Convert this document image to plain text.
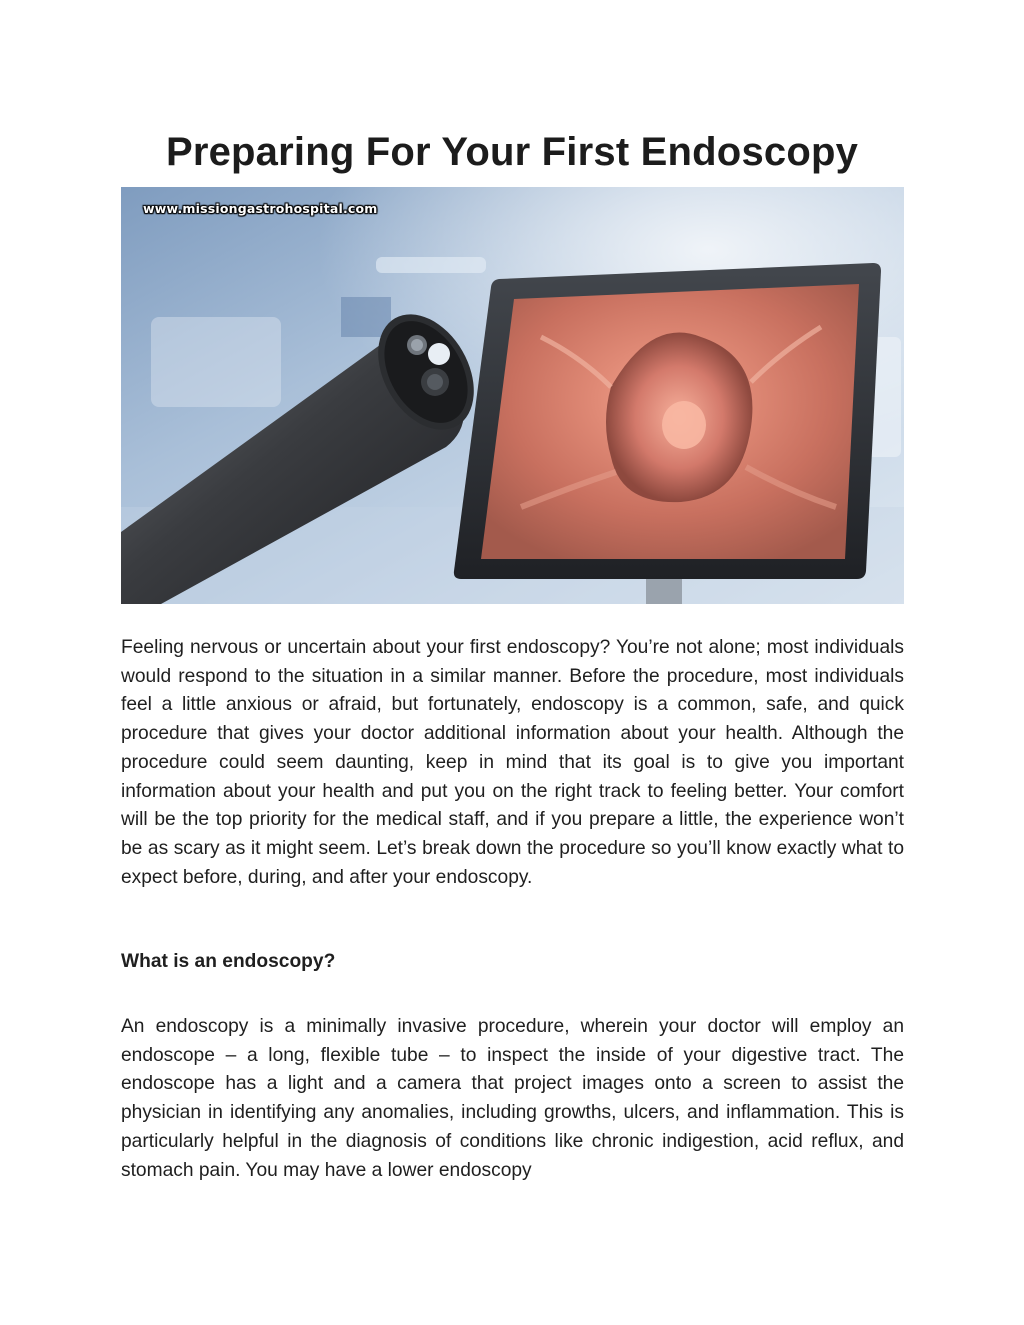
Preparing For Your First Endoscopy
www.missiongastrohospital.com

Feeling nervous or uncertain about your first endoscopy? You’re not alone; most individuals would respond to the situation in a similar manner. Before the procedure, most individuals feel a little anxious or afraid, but fortunately, endoscopy is a common, safe, and quick procedure that gives your doctor additional information about your health. Although the procedure could seem daunting, keep in mind that its goal is to give you important information about your health and put you on the right track to feeling better. Your comfort will be the top priority for the medical staff, and if you prepare a little, the experience won’t be as scary as it might seem. Let’s break down the procedure so you’ll know exactly what to expect before, during, and after your endoscopy.

What is an endoscopy?

An endoscopy is a minimally invasive procedure, wherein your doctor will employ an endoscope – a long, flexible tube – to inspect the inside of your digestive tract. The endoscope has a light and a camera that project images onto a screen to assist the physician in identifying any anomalies, including growths, ulcers, and inflammation. This is particularly helpful in the diagnosis of conditions like chronic indigestion, acid reflux, and stomach pain. You may have a lower endoscopy
